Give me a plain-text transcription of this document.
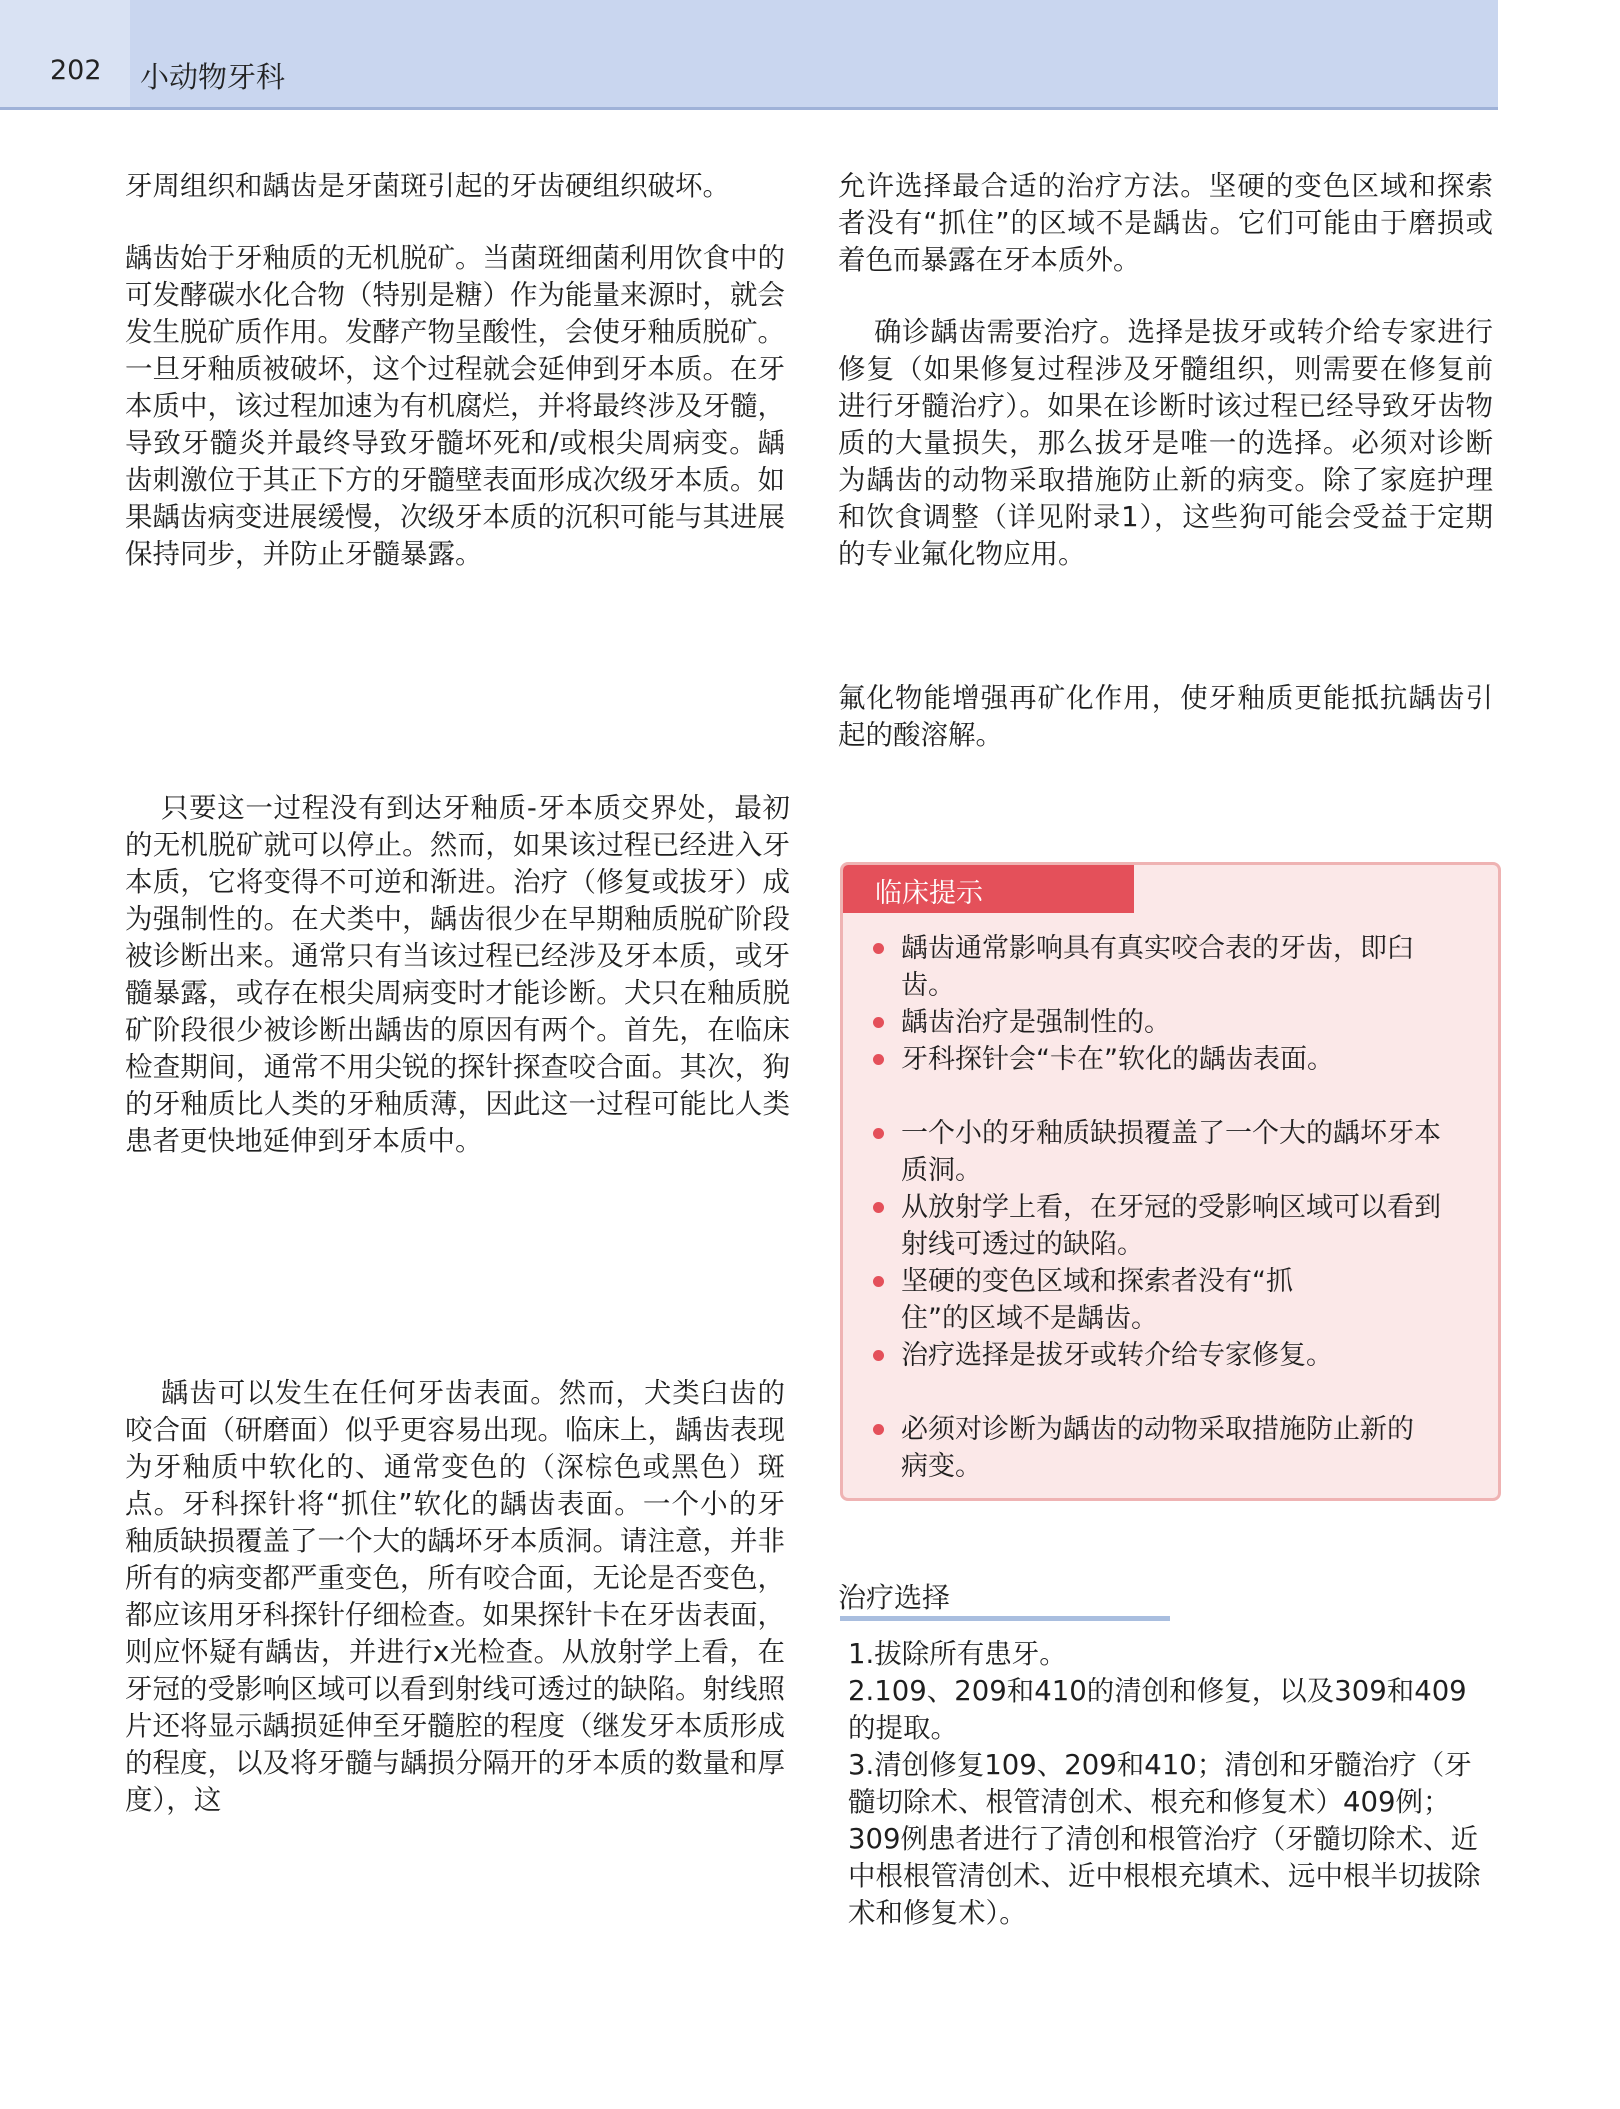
202 小动物牙科

牙周组织和龋齿是牙菌斑引起的牙齿硬组织破坏。

龋齿始于牙釉质的无机脱矿。当菌斑细菌利用饮食中的可发酵碳水化合物（特别是糖）作为能量来源时，就会发生脱矿质作用。发酵产物呈酸性，会使牙釉质脱矿。一旦牙釉质被破坏，这个过程就会延伸到牙本质。在牙本质中，该过程加速为有机腐烂，并将最终涉及牙髓，导致牙髓炎并最终导致牙髓坏死和/或根尖周病变。龋齿刺激位于其正下方的牙髓壁表面形成次级牙本质。如果龋齿病变进展缓慢，次级牙本质的沉积可能与其进展保持同步，并防止牙髓暴露。

只要这一过程没有到达牙釉质-牙本质交界处，最初的无机脱矿就可以停止。然而，如果该过程已经进入牙本质，它将变得不可逆和渐进。治疗（修复或拔牙）成为强制性的。在犬类中，龋齿很少在早期釉质脱矿阶段被诊断出来。通常只有当该过程已经涉及牙本质，或牙髓暴露，或存在根尖周病变时才能诊断。犬只在釉质脱矿阶段很少被诊断出龋齿的原因有两个。首先，在临床检查期间，通常不用尖锐的探针探查咬合面。其次，狗的牙釉质比人类的牙釉质薄，因此这一过程可能比人类患者更快地延伸到牙本质中。

龋齿可以发生在任何牙齿表面。然而，犬类臼齿的咬合面（研磨面）似乎更容易出现。临床上，龋齿表现为牙釉质中软化的、通常变色的（深棕色或黑色）斑点。牙科探针将“抓住”软化的龋齿表面。一个小的牙釉质缺损覆盖了一个大的龋坏牙本质洞。请注意，并非所有的病变都严重变色，所有咬合面，无论是否变色，都应该用牙科探针仔细检查。如果探针卡在牙齿表面，则应怀疑有龋齿，并进行x光检查。从放射学上看，在牙冠的受影响区域可以看到射线可透过的缺陷。射线照片还将显示龋损延伸至牙髓腔的程度（继发牙本质形成的程度，以及将牙髓与龋损分隔开的牙本质的数量和厚度），这

允许选择最合适的治疗方法。坚硬的变色区域和探索者没有“抓住”的区域不是龋齿。它们可能由于磨损或着色而暴露在牙本质外。

确诊龋齿需要治疗。选择是拔牙或转介给专家进行修复（如果修复过程涉及牙髓组织，则需要在修复前进行牙髓治疗）。如果在诊断时该过程已经导致牙齿物质的大量损失，那么拔牙是唯一的选择。必须对诊断为龋齿的动物采取措施防止新的病变。除了家庭护理和饮食调整（详见附录1），这些狗可能会受益于定期的专业氟化物应用。

氟化物能增强再矿化作用，使牙釉质更能抵抗龋齿引起的酸溶解。

临床提示

龋齿通常影响具有真实咬合表的牙齿，即臼齿。

龋齿治疗是强制性的。

牙科探针会“卡在”软化的龋齿表面。

一个小的牙釉质缺损覆盖了一个大的龋坏牙本质洞。

从放射学上看，在牙冠的受影响区域可以看到射线可透过的缺陷。

坚硬的变色区域和探索者没有“抓住”的区域不是龋齿。

治疗选择是拔牙或转介给专家修复。

必须对诊断为龋齿的动物采取措施防止新的病变。

治疗选择

1.拔除所有患牙。

2.109、209和410的清创和修复，以及309和409的提取。

3.清创修复109、209和410；清创和牙髓治疗（牙髓切除术、根管清创术、根充和修复术）409例；309例患者进行了清创和根管治疗（牙髓切除术、近中根根管清创术、近中根根充填术、远中根半切拔除术和修复术）。
